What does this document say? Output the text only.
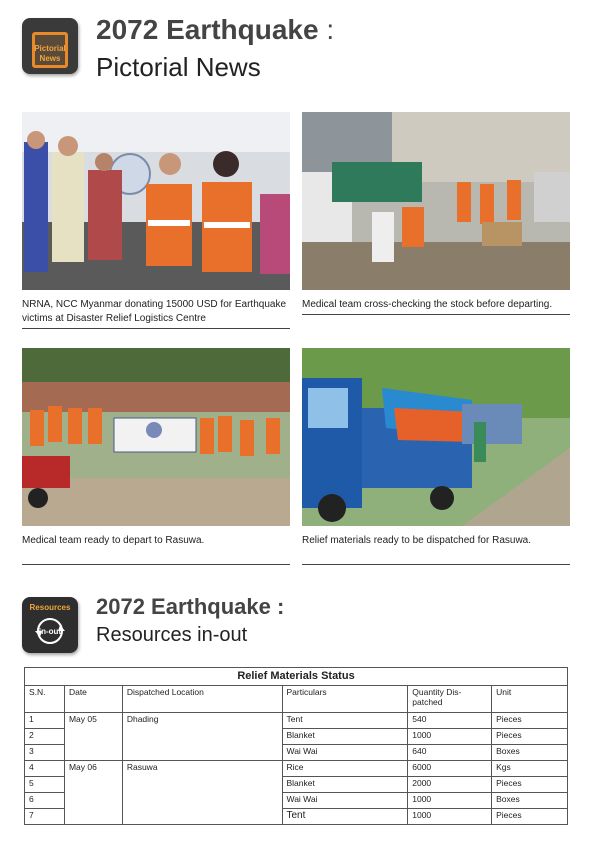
Pictorial
News
2072 Earthquake :
Pictorial News
NRNA, NCC Myanmar donating 15000 USD for Earthquake victims at Disaster Relief Logistics Centre
Medical team cross-checking the stock before departing.
Medical team ready to depart to Rasuwa.	Relief materials ready to be dispatched for Rasuwa.
Resources
in-out
2072 Earthquake :
Resources in-out
Relief Materials Status					
S.N.	Date	Dispatched Location	Particulars	Quantity Dis-patched	Unit
1	May 05	Dhading	Tent	540	Pieces
2			Blanket	1000	Pieces
3			Wai Wai	640	Boxes
4	May 06	Rasuwa	Rice	6000	Kgs
5			Blanket	2000	Pieces
6			Wai Wai	1000	Boxes
7			Tent	1000	Pieces
